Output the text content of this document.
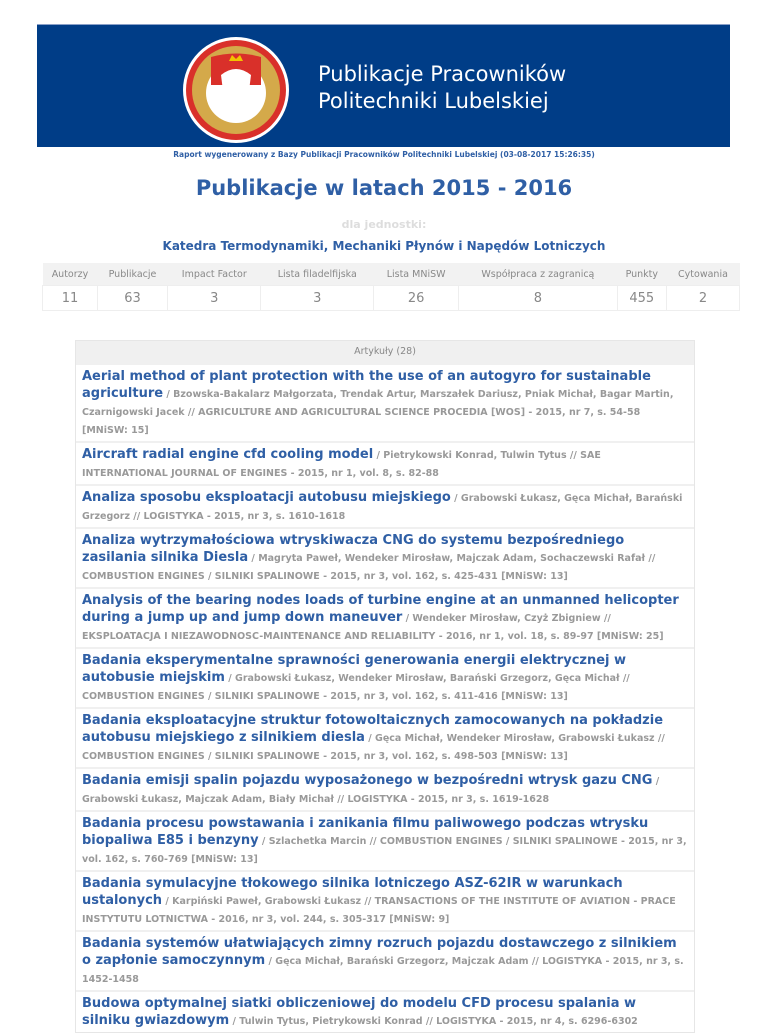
Publikacje Pracowników
Politechniki Lubelskiej
Raport wygenerowany z Bazy Publikacji Pracowników Politechniki Lubelskiej (03-08-2017 15:26:35)
Publikacje w latach 2015 - 2016
dla jednostki:
Katedra Termodynamiki, Mechaniki Płynów i Napędów Lotniczych
Autorzy	Publikacje	Impact Factor	Lista filadelfijska	Lista MNiSW	Współpraca z zagranicą	Punkty	Cytowania
11	63	3	3	26	8	455	2
Artykuły (28)
Aerial method of plant protection with the use of an autogyro for sustainable agriculture / Bzowska-Bakalarz Małgorzata, Trendak Artur, Marszałek Dariusz, Pniak Michał, Bagar Martin, Czarnigowski Jacek // AGRICULTURE AND AGRICULTURAL SCIENCE PROCEDIA [WOS] - 2015, nr 7, s. 54-58 [MNiSW: 15]
Aircraft radial engine cfd cooling model / Pietrykowski Konrad, Tulwin Tytus // SAE INTERNATIONAL JOURNAL OF ENGINES - 2015, nr 1, vol. 8, s. 82-88
Analiza sposobu eksploatacji autobusu miejskiego / Grabowski Łukasz, Gęca Michał, Barański Grzegorz // LOGISTYKA - 2015, nr 3, s. 1610-1618
Analiza wytrzymałościowa wtryskiwacza CNG do systemu bezpośredniego zasilania silnika Diesla / Magryta Paweł, Wendeker Mirosław, Majczak Adam, Sochaczewski Rafał // COMBUSTION ENGINES / SILNIKI SPALINOWE - 2015, nr 3, vol. 162, s. 425-431 [MNiSW: 13]
Analysis of the bearing nodes loads of turbine engine at an unmanned helicopter during a jump up and jump down maneuver / Wendeker Mirosław, Czyż Zbigniew // EKSPLOATACJA I NIEZAWODNOSC-MAINTENANCE AND RELIABILITY - 2016, nr 1, vol. 18, s. 89-97 [MNiSW: 25]
Badania eksperymentalne sprawności generowania energii elektrycznej w autobusie miejskim / Grabowski Łukasz, Wendeker Mirosław, Barański Grzegorz, Gęca Michał // COMBUSTION ENGINES / SILNIKI SPALINOWE - 2015, nr 3, vol. 162, s. 411-416 [MNiSW: 13]
Badania eksploatacyjne struktur fotowoltaicznych zamocowanych na pokładzie autobusu miejskiego z silnikiem diesla / Gęca Michał, Wendeker Mirosław, Grabowski Łukasz // COMBUSTION ENGINES / SILNIKI SPALINOWE - 2015, nr 3, vol. 162, s. 498-503 [MNiSW: 13]
Badania emisji spalin pojazdu wyposażonego w bezpośredni wtrysk gazu CNG / Grabowski Łukasz, Majczak Adam, Biały Michał // LOGISTYKA - 2015, nr 3, s. 1619-1628
Badania procesu powstawania i zanikania filmu paliwowego podczas wtrysku biopaliwa E85 i benzyny / Szlachetka Marcin // COMBUSTION ENGINES / SILNIKI SPALINOWE - 2015, nr 3, vol. 162, s. 760-769 [MNiSW: 13]
Badania symulacyjne tłokowego silnika lotniczego ASZ-62IR w warunkach ustalonych / Karpiński Paweł, Grabowski Łukasz // TRANSACTIONS OF THE INSTITUTE OF AVIATION - PRACE INSTYTUTU LOTNICTWA - 2016, nr 3, vol. 244, s. 305-317 [MNiSW: 9]
Badania systemów ułatwiających zimny rozruch pojazdu dostawczego z silnikiem o zapłonie samoczynnym / Gęca Michał, Barański Grzegorz, Majczak Adam // LOGISTYKA - 2015, nr 3, s. 1452-1458
Budowa optymalnej siatki obliczeniowej do modelu CFD procesu spalania w silniku gwiazdowym / Tulwin Tytus, Pietrykowski Konrad // LOGISTYKA - 2015, nr 4, s. 6296-6302
